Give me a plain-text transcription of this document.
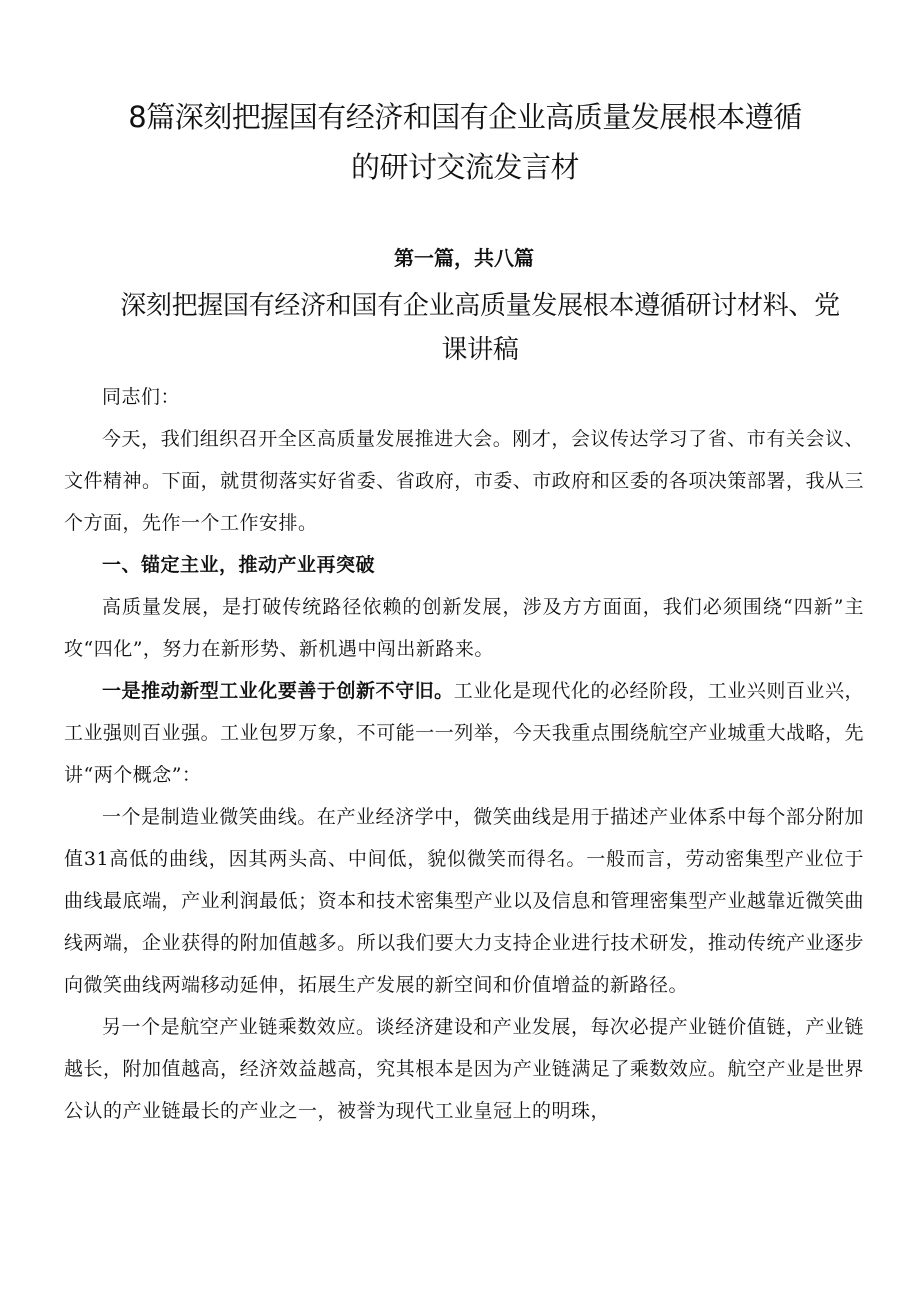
8篇深刻把握国有经济和国有企业高质量发展根本遵循
的研讨交流发言材
第一篇，共八篇
深刻把握国有经济和国有企业高质量发展根本遵循研讨材料、党
课讲稿

同志们：

今天，我们组织召开全区高质量发展推进大会。刚才，会议传达学习了省、市有关会议、文件精神。下面，就贯彻落实好省委、省政府，市委、市政府和区委的各项决策部署，我从三个方面，先作一个工作安排。

一、锚定主业，推动产业再突破

高质量发展，是打破传统路径依赖的创新发展，涉及方方面面，我们必须围绕“四新”主攻“四化”，努力在新形势、新机遇中闯出新路来。

一是推动新型工业化要善于创新不守旧。工业化是现代化的必经阶段，工业兴则百业兴，工业强则百业强。工业包罗万象，不可能一一列举，今天我重点围绕航空产业城重大战略，先讲“两个概念”：

一个是制造业微笑曲线。在产业经济学中，微笑曲线是用于描述产业体系中每个部分附加值31高低的曲线，因其两头高、中间低，貌似微笑而得名。一般而言，劳动密集型产业位于曲线最底端，产业利润最低；资本和技术密集型产业以及信息和管理密集型产业越靠近微笑曲线两端，企业获得的附加值越多。所以我们要大力支持企业进行技术研发，推动传统产业逐步向微笑曲线两端移动延伸，拓展生产发展的新空间和价值增益的新路径。

另一个是航空产业链乘数效应。谈经济建设和产业发展，每次必提产业链价值链，产业链越长，附加值越高，经济效益越高，究其根本是因为产业链满足了乘数效应。航空产业是世界公认的产业链最长的产业之一，被誉为现代工业皇冠上的明珠，
